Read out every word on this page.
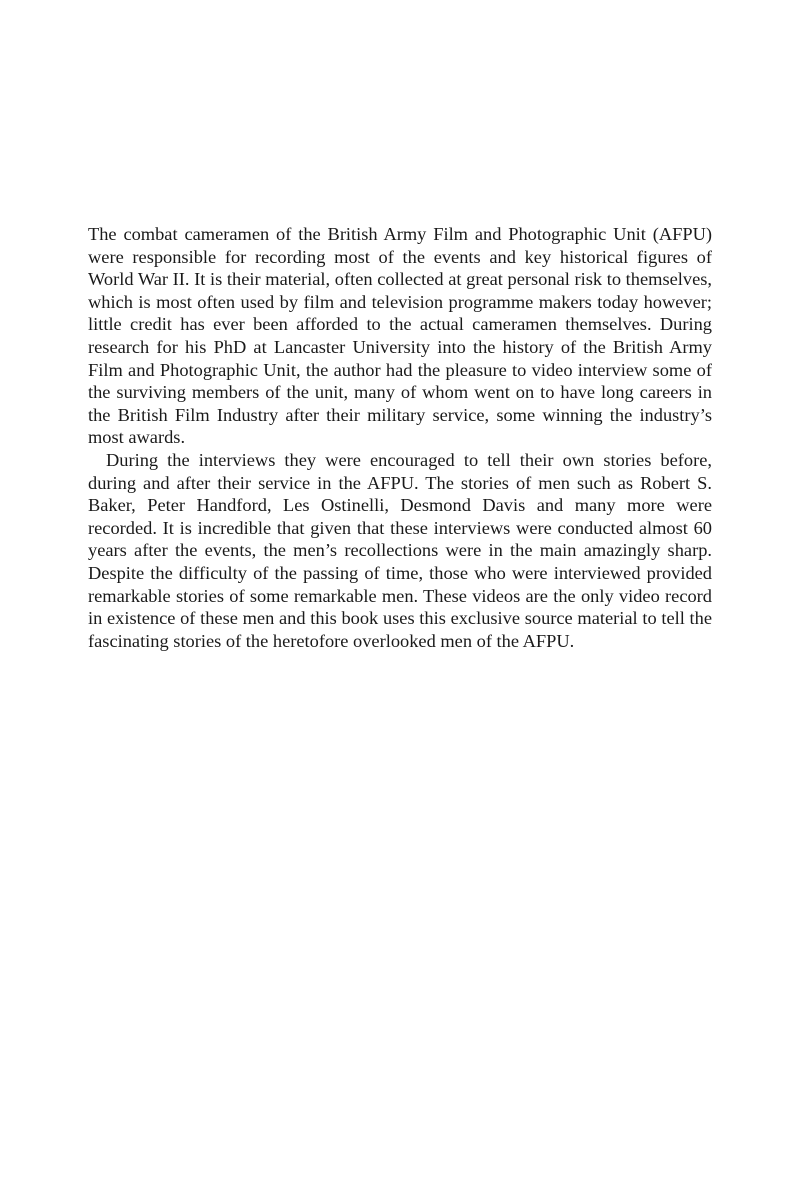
The combat cameramen of the British Army Film and Photographic Unit (AFPU) were responsible for recording most of the events and key historical figures of World War II. It is their material, often collected at great personal risk to themselves, which is most often used by film and television programme makers today however; little credit has ever been afforded to the actual cameramen themselves. During research for his PhD at Lancaster University into the history of the British Army Film and Photographic Unit, the author had the pleasure to video interview some of the surviving members of the unit, many of whom went on to have long careers in the British Film Industry after their military service, some winning the industry’s most awards.

During the interviews they were encouraged to tell their own stories before, during and after their service in the AFPU. The stories of men such as Robert S. Baker, Peter Handford, Les Ostinelli, Desmond Davis and many more were recorded. It is incredible that given that these interviews were conducted almost 60 years after the events, the men’s recollections were in the main amazingly sharp. Despite the difficulty of the passing of time, those who were interviewed provided remarkable stories of some remarkable men. These videos are the only video record in existence of these men and this book uses this exclusive source material to tell the fascinating stories of the heretofore overlooked men of the AFPU.
